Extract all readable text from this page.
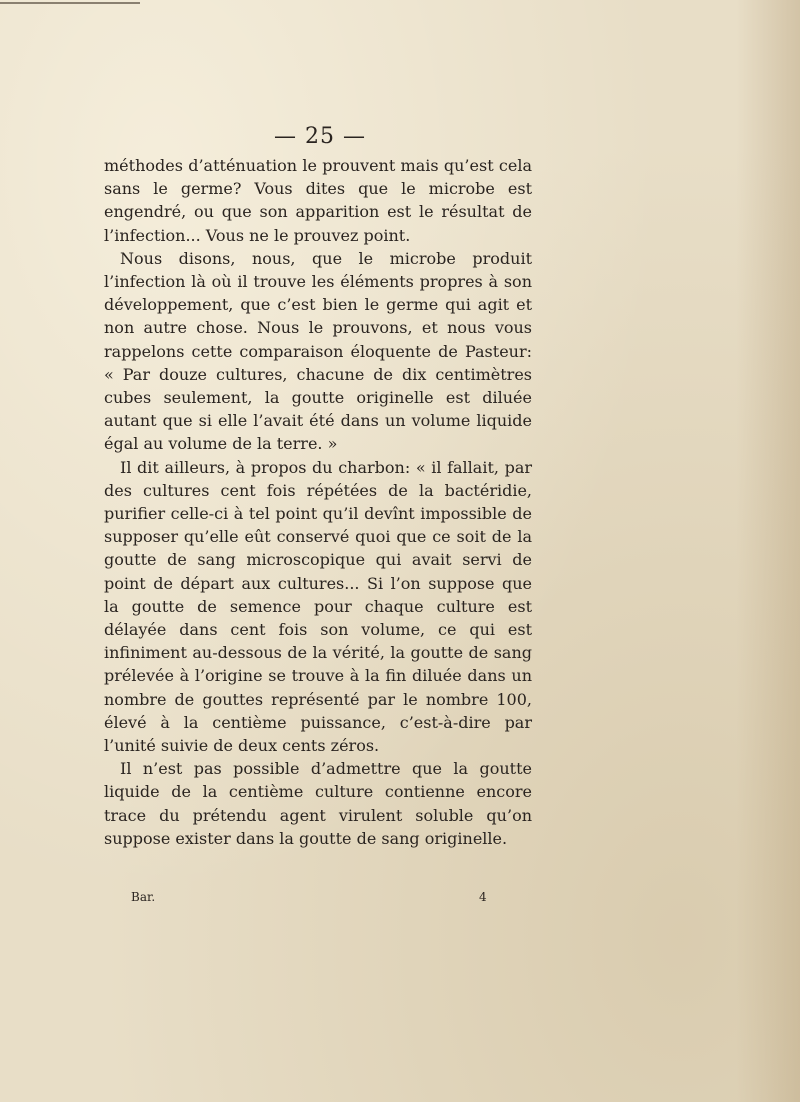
— 25 —

méthodes d’atténuation le prouvent mais qu’est cela sans le germe? Vous dites que le microbe est engendré, ou que son apparition est le résultat de l’infection... Vous ne le prouvez point.

Nous disons, nous, que le microbe produit l’infection là où il trouve les éléments propres à son développement, que c’est bien le germe qui agit et non autre chose. Nous le prouvons, et nous vous rappelons cette comparaison éloquente de Pasteur: « Par douze cultures, chacune de dix centimètres cubes seulement, la goutte originelle est diluée autant que si elle l’avait été dans un volume liquide égal au volume de la terre. »

Il dit ailleurs, à propos du charbon: « il fallait, par des cultures cent fois répétées de la bactéridie, purifier celle-ci à tel point qu’il devînt impossible de supposer qu’elle eût conservé quoi que ce soit de la goutte de sang microscopique qui avait servi de point de départ aux cultures... Si l’on suppose que la goutte de semence pour chaque culture est délayée dans cent fois son volume, ce qui est infiniment au-dessous de la vérité, la goutte de sang prélevée à l’origine se trouve à la fin diluée dans un nombre de gouttes représenté par le nombre 100, élevé à la centième puissance, c’est-à-dire par l’unité suivie de deux cents zéros.

Il n’est pas possible d’admettre que la goutte liquide de la centième culture contienne encore trace du prétendu agent virulent soluble qu’on suppose exister dans la goutte de sang originelle.

Bar.	4
